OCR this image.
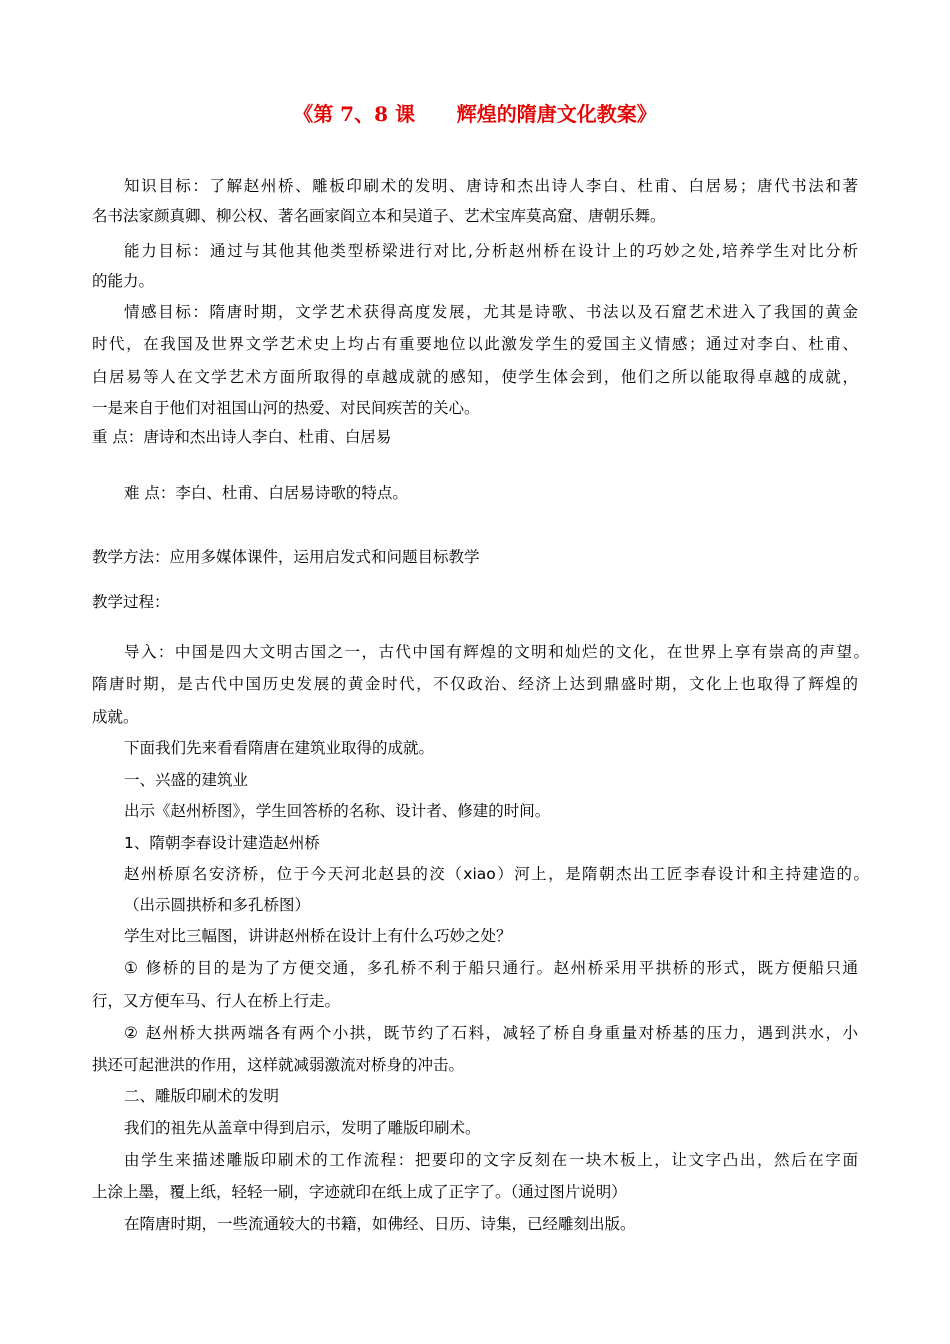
《第 7、8 课      辉煌的隋唐文化教案》
知识目标：了解赵州桥、雕板印刷术的发明、唐诗和杰出诗人李白、杜甫、白居易；唐代书法和著
名书法家颜真卿、柳公权、著名画家阎立本和吴道子、艺术宝库莫高窟、唐朝乐舞。
能力目标：通过与其他其他类型桥梁进行对比,分析赵州桥在设计上的巧妙之处,培养学生对比分析
的能力。
情感目标：隋唐时期，文学艺术获得高度发展，尤其是诗歌、书法以及石窟艺术进入了我国的黄金
时代，在我国及世界文学艺术史上均占有重要地位以此激发学生的爱国主义情感；通过对李白、杜甫、
白居易等人在文学艺术方面所取得的卓越成就的感知，使学生体会到，他们之所以能取得卓越的成就，
一是来自于他们对祖国山河的热爱、对民间疾苦的关心。
重 点：唐诗和杰出诗人李白、杜甫、白居易
难 点：李白、杜甫、白居易诗歌的特点。
教学方法：应用多媒体课件，运用启发式和问题目标教学
教学过程：
导入：中国是四大文明古国之一，古代中国有辉煌的文明和灿烂的文化，在世界上享有崇高的声望。
隋唐时期，是古代中国历史发展的黄金时代，不仅政治、经济上达到鼎盛时期，文化上也取得了辉煌的
成就。
下面我们先来看看隋唐在建筑业取得的成就。
一、兴盛的建筑业
出示《赵州桥图》，学生回答桥的名称、设计者、修建的时间。
1、隋朝李春设计建造赵州桥
赵州桥原名安济桥，位于今天河北赵县的洨（xiao）河上，是隋朝杰出工匠李春设计和主持建造的。
（出示圆拱桥和多孔桥图）
学生对比三幅图，讲讲赵州桥在设计上有什么巧妙之处？
① 修桥的目的是为了方便交通，多孔桥不利于船只通行。赵州桥采用平拱桥的形式，既方便船只通
行，又方便车马、行人在桥上行走。
② 赵州桥大拱两端各有两个小拱，既节约了石料，减轻了桥自身重量对桥基的压力，遇到洪水，小
拱还可起泄洪的作用，这样就减弱激流对桥身的冲击。
二、雕版印刷术的发明
我们的祖先从盖章中得到启示，发明了雕版印刷术。
由学生来描述雕版印刷术的工作流程：把要印的文字反刻在一块木板上，让文字凸出，然后在字面
上涂上墨，覆上纸，轻轻一刷，字迹就印在纸上成了正字了。（通过图片说明）
在隋唐时期，一些流通较大的书籍，如佛经、日历、诗集，已经雕刻出版。
